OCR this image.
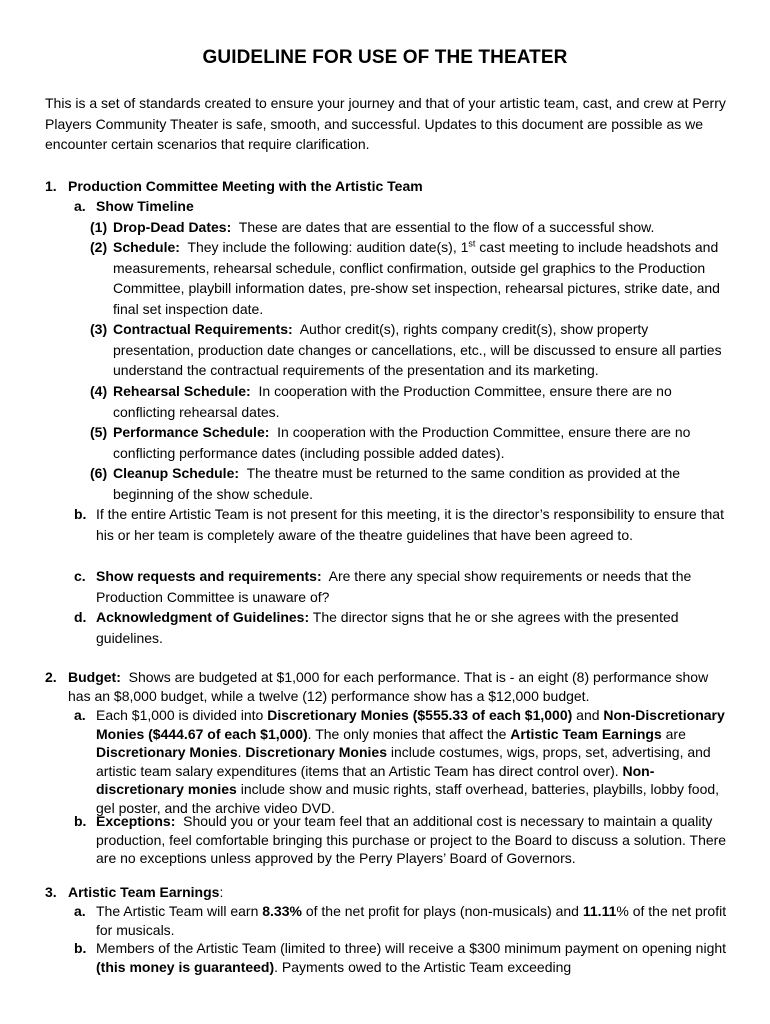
GUIDELINE FOR USE OF THE THEATER
This is a set of standards created to ensure your journey and that of your artistic team, cast, and crew at Perry Players Community Theater is safe, smooth, and successful. Updates to this document are possible as we encounter certain scenarios that require clarification.
1. Production Committee Meeting with the Artistic Team
a. Show Timeline
(1) Drop-Dead Dates: These are dates that are essential to the flow of a successful show.
(2) Schedule: They include the following: audition date(s), 1st cast meeting to include headshots and measurements, rehearsal schedule, conflict confirmation, outside gel graphics to the Production Committee, playbill information dates, pre-show set inspection, rehearsal pictures, strike date, and final set inspection date.
(3) Contractual Requirements: Author credit(s), rights company credit(s), show property presentation, production date changes or cancellations, etc., will be discussed to ensure all parties understand the contractual requirements of the presentation and its marketing.
(4) Rehearsal Schedule: In cooperation with the Production Committee, ensure there are no conflicting rehearsal dates.
(5) Performance Schedule: In cooperation with the Production Committee, ensure there are no conflicting performance dates (including possible added dates).
(6) Cleanup Schedule: The theatre must be returned to the same condition as provided at the beginning of the show schedule.
b. If the entire Artistic Team is not present for this meeting, it is the director’s responsibility to ensure that his or her team is completely aware of the theatre guidelines that have been agreed to.
c. Show requests and requirements: Are there any special show requirements or needs that the Production Committee is unaware of?
d. Acknowledgment of Guidelines: The director signs that he or she agrees with the presented guidelines.
2. Budget: Shows are budgeted at $1,000 for each performance. That is - an eight (8) performance show has an $8,000 budget, while a twelve (12) performance show has a $12,000 budget.
a. Each $1,000 is divided into Discretionary Monies ($555.33 of each $1,000) and Non-Discretionary Monies ($444.67 of each $1,000). The only monies that affect the Artistic Team Earnings are Discretionary Monies. Discretionary Monies include costumes, wigs, props, set, advertising, and artistic team salary expenditures (items that an Artistic Team has direct control over). Non-discretionary monies include show and music rights, staff overhead, batteries, playbills, lobby food, gel poster, and the archive video DVD.
b. Exceptions: Should you or your team feel that an additional cost is necessary to maintain a quality production, feel comfortable bringing this purchase or project to the Board to discuss a solution. There are no exceptions unless approved by the Perry Players’ Board of Governors.
3. Artistic Team Earnings:
a. The Artistic Team will earn 8.33% of the net profit for plays (non-musicals) and 11.11% of the net profit for musicals.
b. Members of the Artistic Team (limited to three) will receive a $300 minimum payment on opening night (this money is guaranteed). Payments owed to the Artistic Team exceeding
